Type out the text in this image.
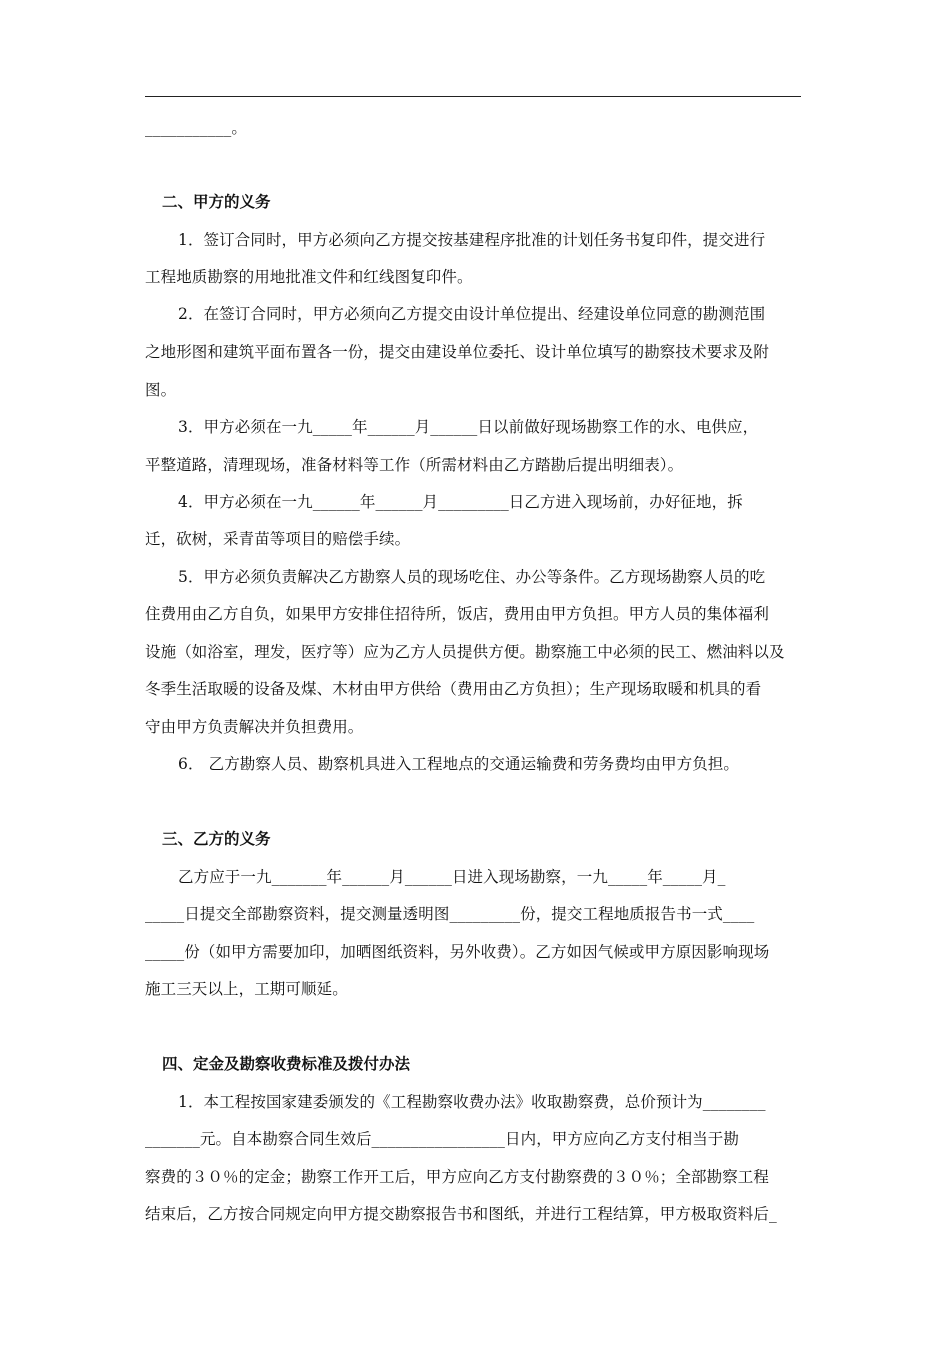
___________。
二、甲方的义务
1．签订合同时，甲方必须向乙方提交按基建程序批准的计划任务书复印件，提交进行
工程地质勘察的用地批准文件和红线图复印件。
2．在签订合同时，甲方必须向乙方提交由设计单位提出、经建设单位同意的勘测范围
之地形图和建筑平面布置各一份，提交由建设单位委托、设计单位填写的勘察技术要求及附
图。
3．甲方必须在一九_____年______月______日以前做好现场勘察工作的水、电供应，
平整道路，清理现场，准备材料等工作（所需材料由乙方踏勘后提出明细表）。
4．甲方必须在一九______年______月_________日乙方进入现场前，办好征地，拆
迁，砍树，采青苗等项目的赔偿手续。
5．甲方必须负责解决乙方勘察人员的现场吃住、办公等条件。乙方现场勘察人员的吃
住费用由乙方自负，如果甲方安排住招待所，饭店，费用由甲方负担。甲方人员的集体福利
设施（如浴室，理发，医疗等）应为乙方人员提供方便。勘察施工中必须的民工、燃油料以及
冬季生活取暖的设备及煤、木材由甲方供给（费用由乙方负担）；生产现场取暖和机具的看
守由甲方负责解决并负担费用。
6． 乙方勘察人员、勘察机具进入工程地点的交通运输费和劳务费均由甲方负担。
三、乙方的义务
乙方应于一九_______年______月______日进入现场勘察，一九_____年_____月_
_____日提交全部勘察资料，提交测量透明图_________份，提交工程地质报告书一式____
_____份（如甲方需要加印，加晒图纸资料，另外收费）。乙方如因气候或甲方原因影响现场
施工三天以上，工期可顺延。
四、定金及勘察收费标准及拨付办法
1．本工程按国家建委颁发的《工程勘察收费办法》收取勘察费，总价预计为________
_______元。自本勘察合同生效后_________________日内，甲方应向乙方支付相当于勘
察费的３０％的定金；勘察工作开工后，甲方应向乙方支付勘察费的３０％；全部勘察工程
结束后，乙方按合同规定向甲方提交勘察报告书和图纸，并进行工程结算，甲方极取资料后_
